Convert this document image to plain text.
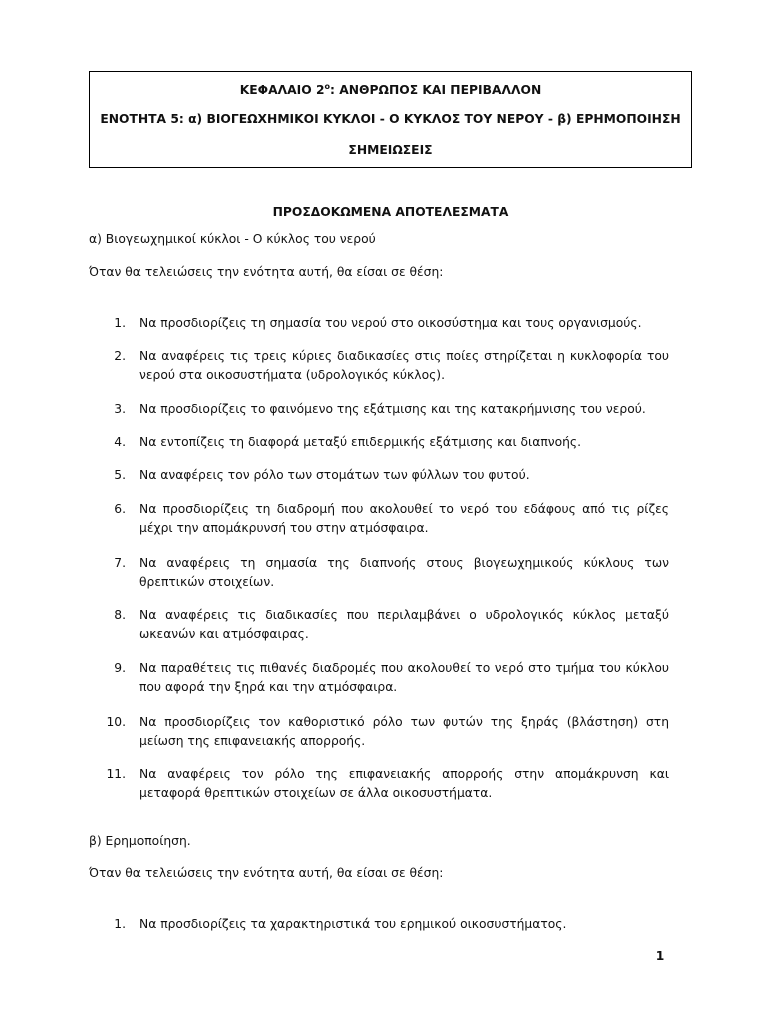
ΚΕΦΑΛΑΙΟ $2^o$: ΑΝΘΡΩΠΟΣ ΚΑΙ ΠΕΡΙΒΑΛΛΟΝ
ΕΝΟΤΗΤΑ 5: α) ΒΙΟΓΕΩΧΗΜΙΚΟΙ ΚΥΚΛΟΙ - Ο ΚΥΚΛΟΣ ΤΟΥ ΝΕΡΟΥ - β) ΕΡΗΜΟΠΟΙΗΣΗ
ΣΗΜΕΙΩΣΕΙΣ
ΠΡΟΣΔΟΚΩΜΕΝΑ ΑΠΟΤΕΛΕΣΜΑΤΑ
α) Βιογεωχημικοί κύκλοι - Ο κύκλος του νερού
Όταν θα τελειώσεις την ενότητα αυτή, θα είσαι σε θέση:
1. Να προσδιορίζεις τη σημασία του νερού στο οικοσύστημα και τους οργανισμούς.
2. Να αναφέρεις τις τρεις κύριες διαδικασίες στις ποίες στηρίζεται η κυκλοφορία του νερού στα οικοσυστήματα (υδρολογικός κύκλος).
3. Να προσδιορίζεις το φαινόμενο της εξάτμισης και της κατακρήμνισης του νερού.
4. Να εντοπίζεις τη διαφορά μεταξύ επιδερμικής εξάτμισης και διαπνοής.
5. Να αναφέρεις τον ρόλο των στομάτων των φύλλων του φυτού.
6. Να προσδιορίζεις τη διαδρομή που ακολουθεί το νερό του εδάφους από τις ρίζες μέχρι την απομάκρυνσή του στην ατμόσφαιρα.
7. Να αναφέρεις τη σημασία της διαπνοής στους βιογεωχημικούς κύκλους των θρεπτικών στοιχείων.
8. Να αναφέρεις τις διαδικασίες που περιλαμβάνει ο υδρολογικός κύκλος μεταξύ ωκεανών και ατμόσφαιρας.
9. Να παραθέτεις τις πιθανές διαδρομές που ακολουθεί το νερό στο τμήμα του κύκλου που αφορά την ξηρά και την ατμόσφαιρα.
10. Να προσδιορίζεις τον καθοριστικό ρόλο των φυτών της ξηράς (βλάστηση) στη μείωση της επιφανειακής απορροής.
11. Να αναφέρεις τον ρόλο της επιφανειακής απορροής στην απομάκρυνση και μεταφορά θρεπτικών στοιχείων σε άλλα οικοσυστήματα.
β) Ερημοποίηση.
Όταν θα τελειώσεις την ενότητα αυτή, θα είσαι σε θέση:
1. Να προσδιορίζεις τα χαρακτηριστικά του ερημικού οικοσυστήματος.
1
